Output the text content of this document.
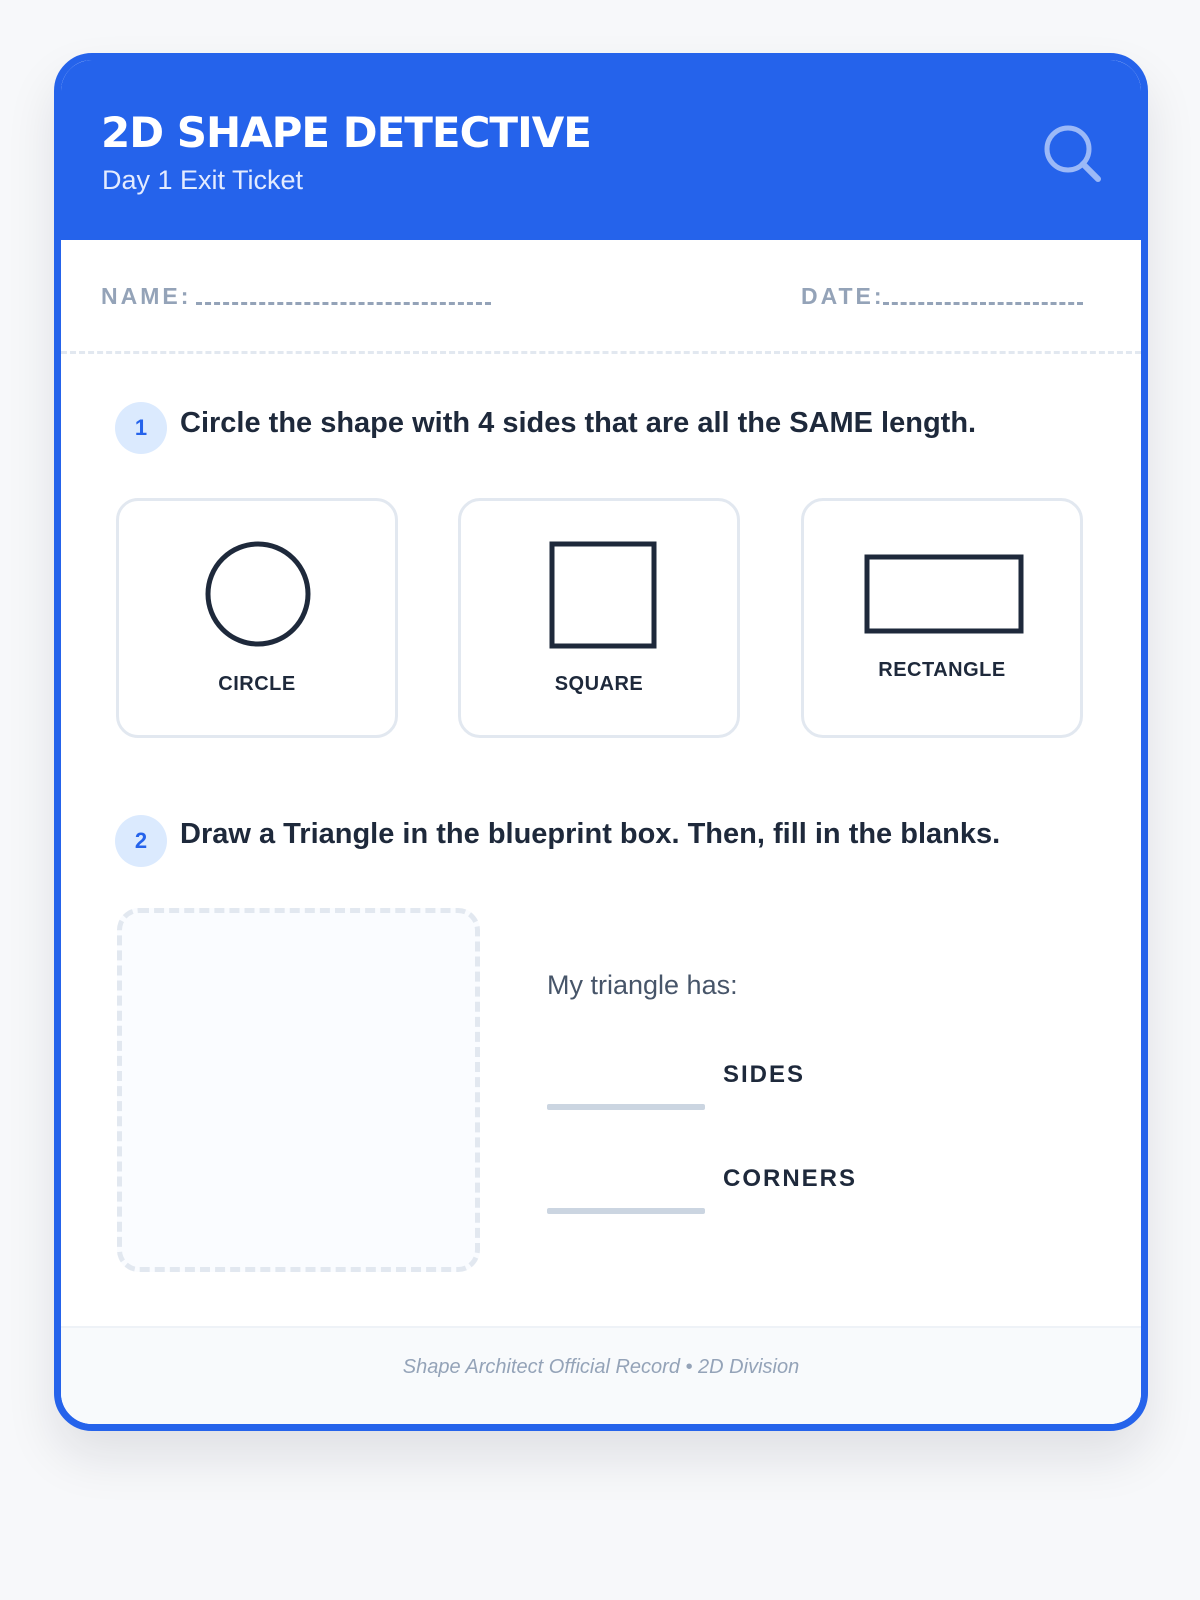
2D SHAPE DETECTIVE
Day 1 Exit Ticket
NAME:	DATE:
1	Circle the shape with 4 sides that are all the SAME length.
CIRCLE	SQUARE
RECTANGLE
2	Draw a Triangle in the blueprint box. Then, fill in the blanks.
My triangle has:
SIDES
CORNERS
Shape Architect Official Record • 2D Division
